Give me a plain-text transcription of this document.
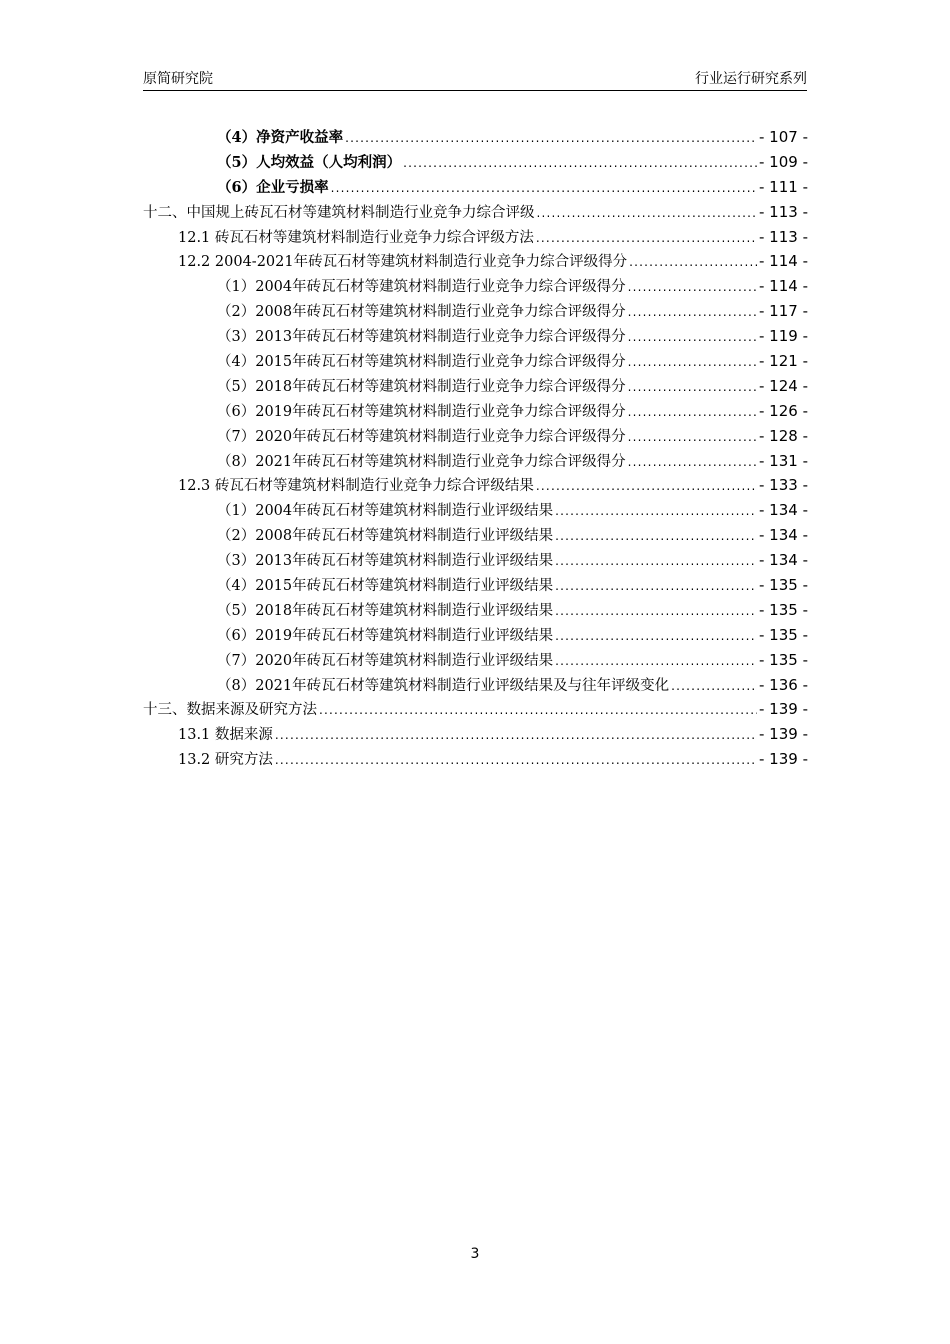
原简研究院	行业运行研究系列
（4）净资产收益率 .....	- 107 -
（5）人均效益（人均利润） .....	- 109 -
（6）企业亏损率 .....	- 111 -
十二、中国规上砖瓦石材等建筑材料制造行业竞争力综合评级 .....	- 113 -
12.1 砖瓦石材等建筑材料制造行业竞争力综合评级方法 .....	- 113 -
12.2 2004-2021年砖瓦石材等建筑材料制造行业竞争力综合评级得分 .....	- 114 -
（1）2004年砖瓦石材等建筑材料制造行业竞争力综合评级得分 .....	- 114 -
（2）2008年砖瓦石材等建筑材料制造行业竞争力综合评级得分 .....	- 117 -
（3）2013年砖瓦石材等建筑材料制造行业竞争力综合评级得分 .....	- 119 -
（4）2015年砖瓦石材等建筑材料制造行业竞争力综合评级得分 .....	- 121 -
（5）2018年砖瓦石材等建筑材料制造行业竞争力综合评级得分 .....	- 124 -
（6）2019年砖瓦石材等建筑材料制造行业竞争力综合评级得分 .....	- 126 -
（7）2020年砖瓦石材等建筑材料制造行业竞争力综合评级得分 .....	- 128 -
（8）2021年砖瓦石材等建筑材料制造行业竞争力综合评级得分 .....	- 131 -
12.3 砖瓦石材等建筑材料制造行业竞争力综合评级结果 .....	- 133 -
（1）2004年砖瓦石材等建筑材料制造行业评级结果 .....	- 134 -
（2）2008年砖瓦石材等建筑材料制造行业评级结果 .....	- 134 -
（3）2013年砖瓦石材等建筑材料制造行业评级结果 .....	- 134 -
（4）2015年砖瓦石材等建筑材料制造行业评级结果 .....	- 135 -
（5）2018年砖瓦石材等建筑材料制造行业评级结果 .....	- 135 -
（6）2019年砖瓦石材等建筑材料制造行业评级结果 .....	- 135 -
（7）2020年砖瓦石材等建筑材料制造行业评级结果 .....	- 135 -
（8）2021年砖瓦石材等建筑材料制造行业评级结果及与往年评级变化 .....	- 136 -
十三、数据来源及研究方法 .....	- 139 -
13.1 数据来源 .....	- 139 -
13.2 研究方法 .....	- 139 -
3
